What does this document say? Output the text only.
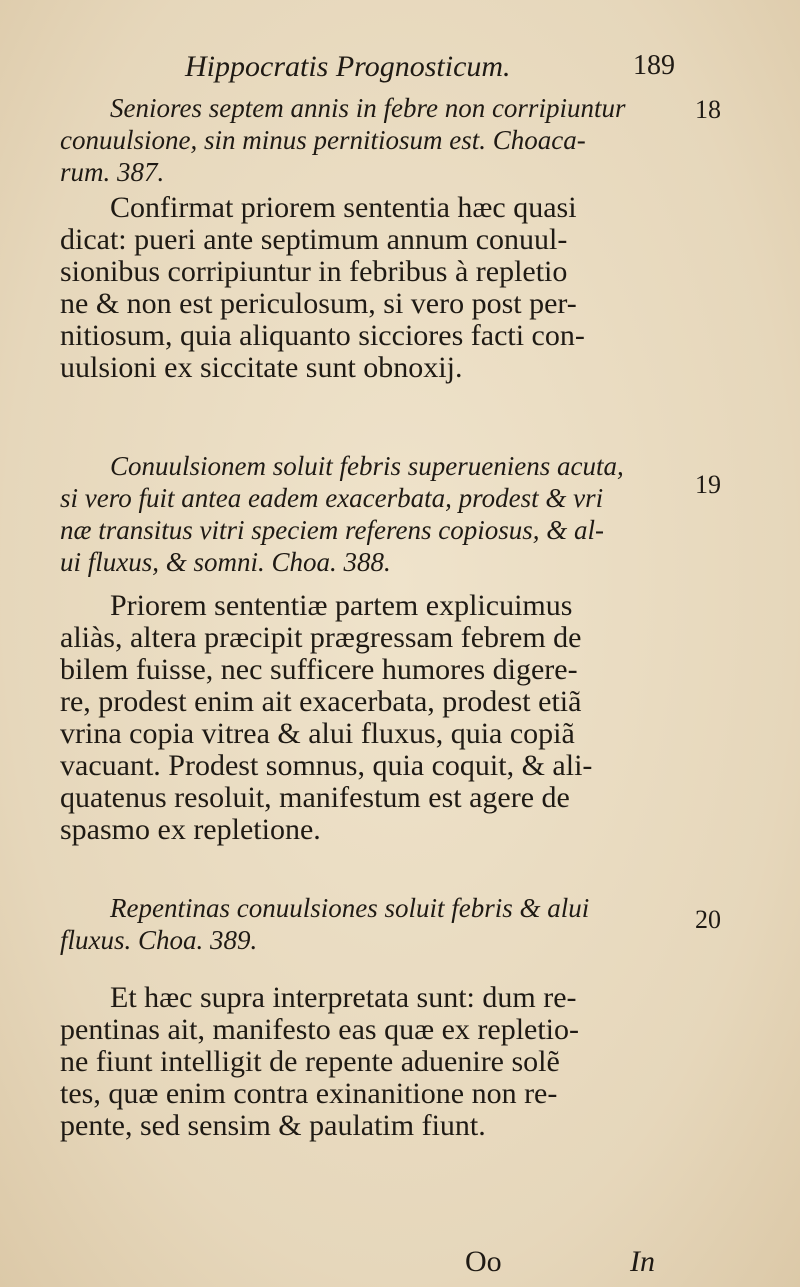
Hippocratis Prognosticum.	189
18
19
20
Seniores septem annis in febre non corripiuntur
conuulsione, sin minus pernitiosum est. Choaca-
rum. 387.
Confirmat priorem sententia hæc quasi
dicat: pueri ante septimum annum conuul-
sionibus corripiuntur in febribus à repletio
ne & non est periculosum, si vero post per-
nitiosum, quia aliquanto sicciores facti con-
uulsioni ex siccitate sunt obnoxij.
Conuulsionem soluit febris superueniens acuta,
si vero fuit antea eadem exacerbata, prodest & vri
næ transitus vitri speciem referens copiosus, & al-
ui fluxus, & somni. Choa. 388.
Priorem sententiæ partem explicuimus
aliàs, altera præcipit prægressam febrem de
bilem fuisse, nec sufficere humores digere-
re, prodest enim ait exacerbata, prodest etiã
vrina copia vitrea & alui fluxus, quia copiã
vacuant. Prodest somnus, quia coquit, & ali-
quatenus resoluit, manifestum est agere de
spasmo ex repletione.
Repentinas conuulsiones soluit febris & alui
fluxus. Choa. 389.
Et hæc supra interpretata sunt: dum re-
pentinas ait, manifesto eas quæ ex repletio-
ne fiunt intelligit de repente aduenire solẽ
tes, quæ enim contra exinanitione non re-
pente, sed sensim & paulatim fiunt.
Oo	In
